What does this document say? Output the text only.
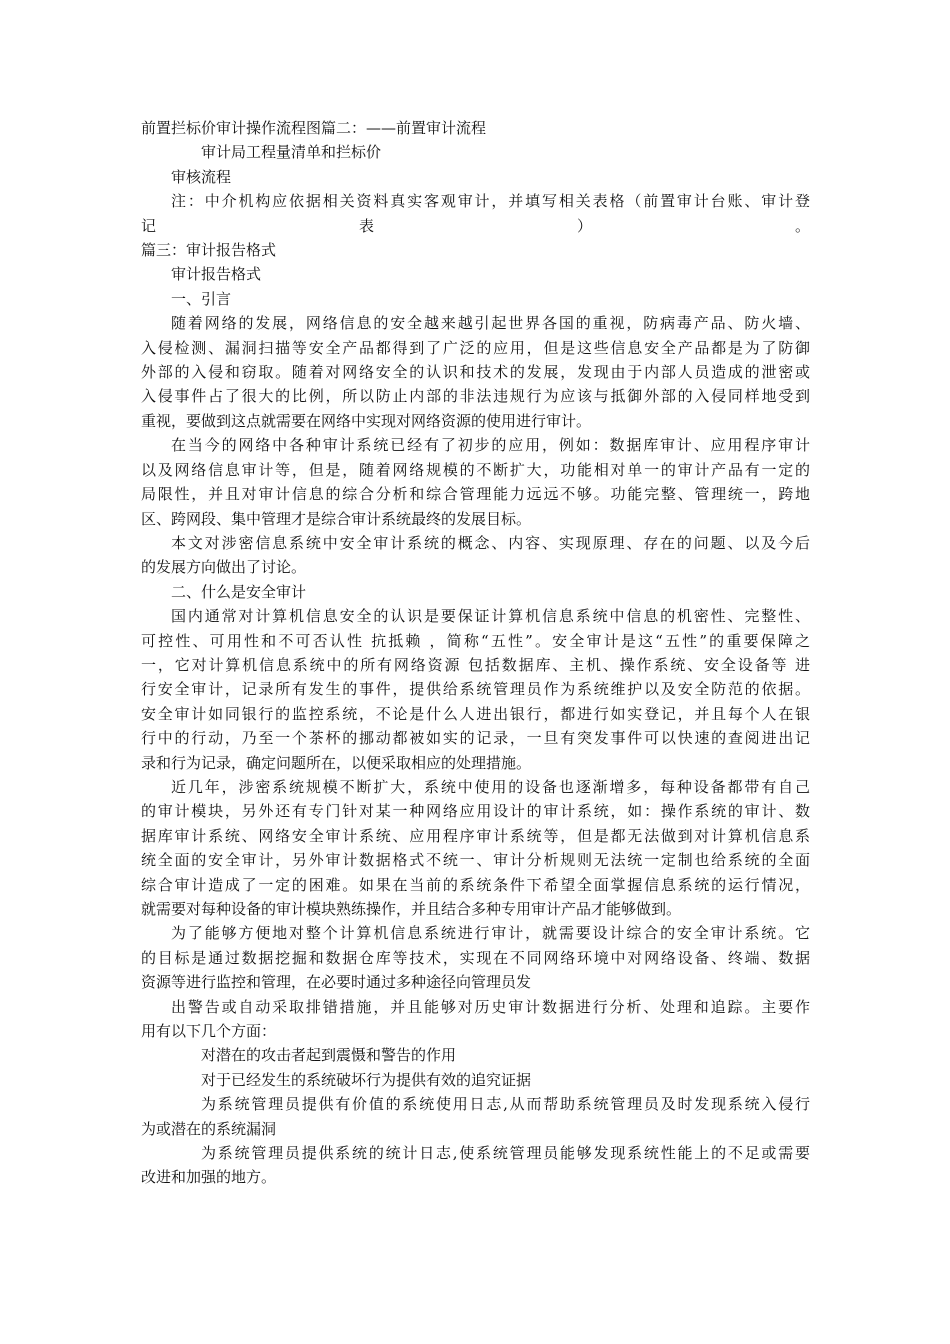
前置拦标价审计操作流程图篇二：——前置审计流程
审计局工程量清单和拦标价
审核流程
注：中介机构应依据相关资料真实客观审计，并填写相关表格（前置审计台账、审计登
记	表	）	。
篇三：审计报告格式
审计报告格式
一、引言
随着网络的发展，网络信息的安全越来越引起世界各国的重视，防病毒产品、防火墙、
入侵检测、漏洞扫描等安全产品都得到了广泛的应用，但是这些信息安全产品都是为了防御
外部的入侵和窃取。随着对网络安全的认识和技术的发展，发现由于内部人员造成的泄密或
入侵事件占了很大的比例，所以防止内部的非法违规行为应该与抵御外部的入侵同样地受到
重视，要做到这点就需要在网络中实现对网络资源的使用进行审计。
在当今的网络中各种审计系统已经有了初步的应用，例如：数据库审计、应用程序审计
以及网络信息审计等，但是，随着网络规模的不断扩大，功能相对单一的审计产品有一定的
局限性，并且对审计信息的综合分析和综合管理能力远远不够。功能完整、管理统一，跨地
区、跨网段、集中管理才是综合审计系统最终的发展目标。
本文对涉密信息系统中安全审计系统的概念、内容、实现原理、存在的问题、以及今后
的发展方向做出了讨论。
二、什么是安全审计
国内通常对计算机信息安全的认识是要保证计算机信息系统中信息的机密性、完整性、
可控性、可用性和不可否认性 抗抵赖 ，简称“五性”。安全审计是这“五性”的重要保障之
一，它对计算机信息系统中的所有网络资源 包括数据库、主机、操作系统、安全设备等 进
行安全审计，记录所有发生的事件，提供给系统管理员作为系统维护以及安全防范的依据。
安全审计如同银行的监控系统，不论是什么人进出银行，都进行如实登记，并且每个人在银
行中的行动，乃至一个茶杯的挪动都被如实的记录，一旦有突发事件可以快速的查阅进出记
录和行为记录，确定问题所在，以便采取相应的处理措施。
近几年，涉密系统规模不断扩大，系统中使用的设备也逐渐增多，每种设备都带有自己
的审计模块，另外还有专门针对某一种网络应用设计的审计系统，如：操作系统的审计、数
据库审计系统、网络安全审计系统、应用程序审计系统等，但是都无法做到对计算机信息系
统全面的安全审计，另外审计数据格式不统一、审计分析规则无法统一定制也给系统的全面
综合审计造成了一定的困难。如果在当前的系统条件下希望全面掌握信息系统的运行情况，
就需要对每种设备的审计模块熟练操作，并且结合多种专用审计产品才能够做到。
为了能够方便地对整个计算机信息系统进行审计，就需要设计综合的安全审计系统。它
的目标是通过数据挖掘和数据仓库等技术，实现在不同网络环境中对网络设备、终端、数据
资源等进行监控和管理，在必要时通过多种途径向管理员发
出警告或自动采取排错措施，并且能够对历史审计数据进行分析、处理和追踪。主要作
用有以下几个方面：
对潜在的攻击者起到震慑和警告的作用
对于已经发生的系统破坏行为提供有效的追究证据
为系统管理员提供有价值的系统使用日志,从而帮助系统管理员及时发现系统入侵行
为或潜在的系统漏洞
为系统管理员提供系统的统计日志,使系统管理员能够发现系统性能上的不足或需要
改进和加强的地方。
